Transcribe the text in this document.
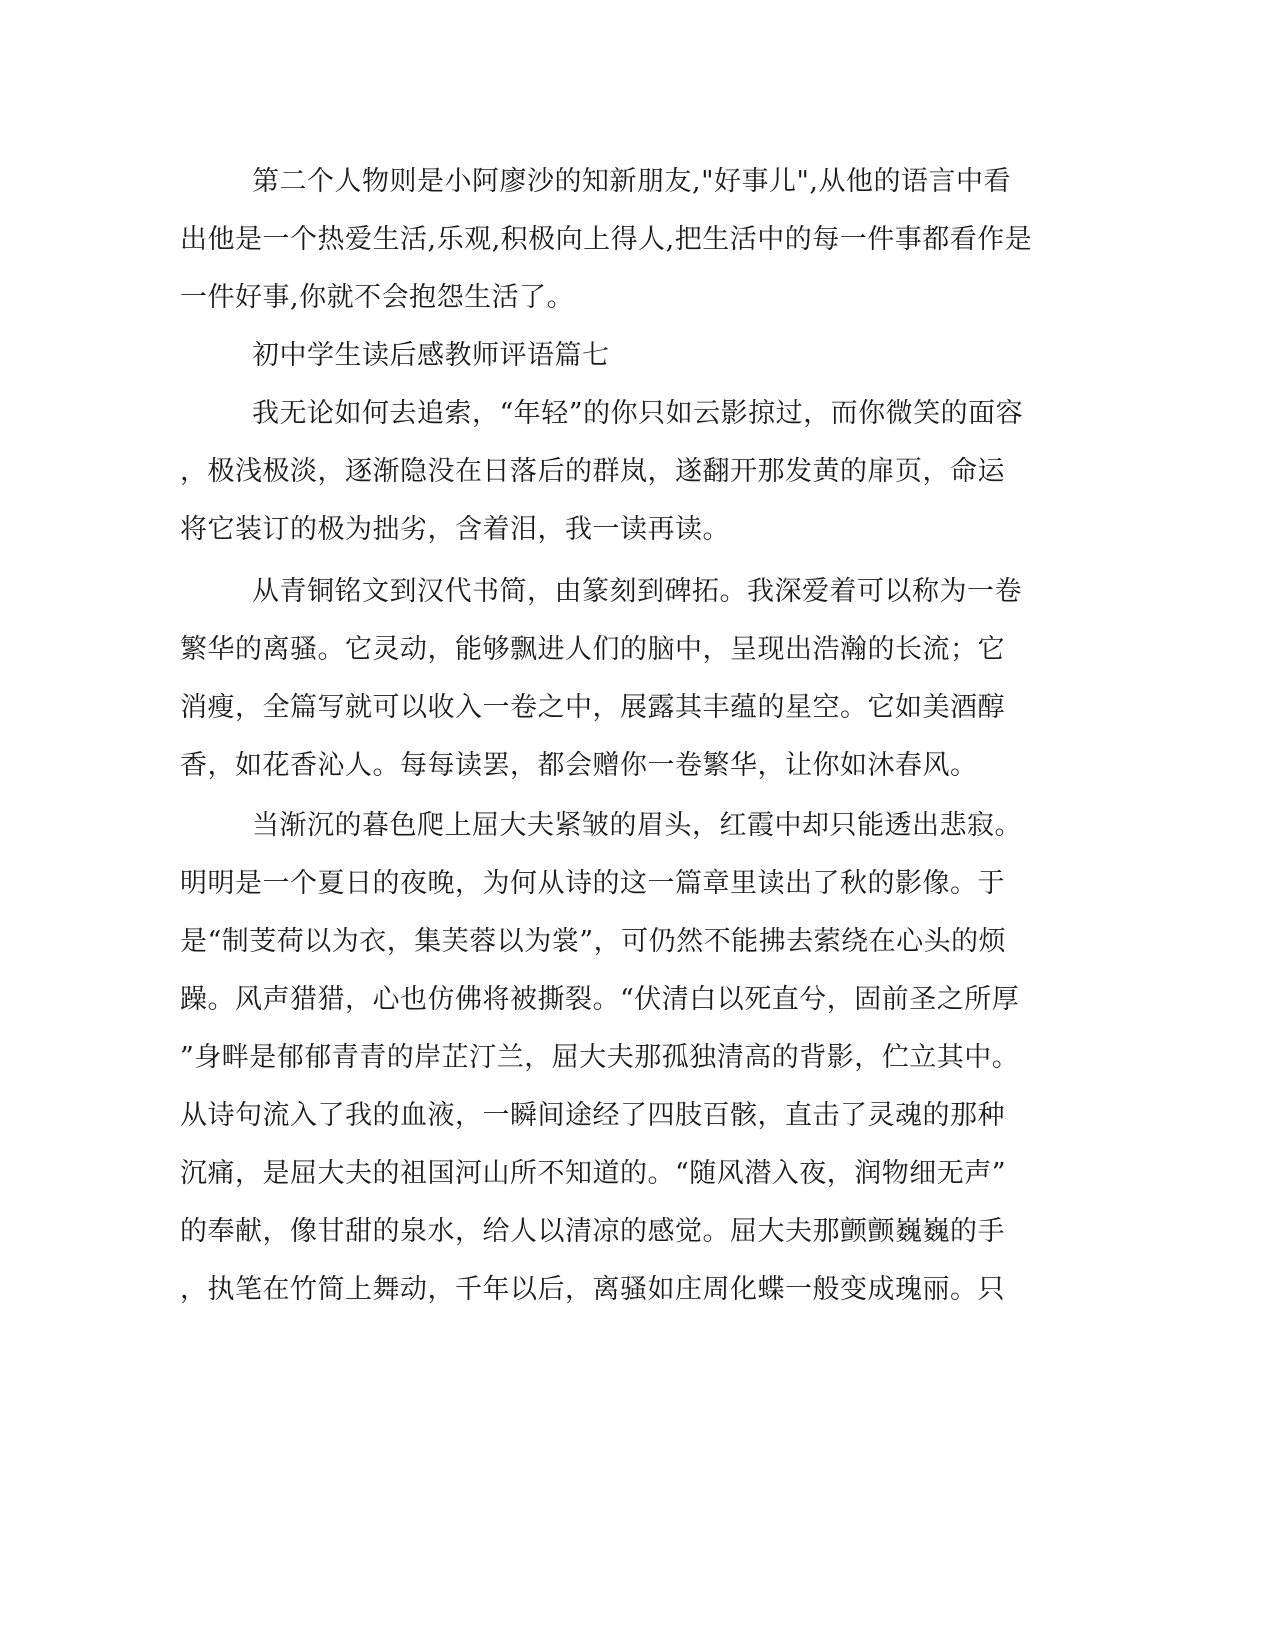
第二个人物则是小阿廖沙的知新朋友,"好事儿",从他的语言中看
出他是一个热爱生活,乐观,积极向上得人,把生活中的每一件事都看作是
一件好事,你就不会抱怨生活了。
初中学生读后感教师评语篇七
我无论如何去追索，“年轻”的你只如云影掠过，而你微笑的面容
，极浅极淡，逐渐隐没在日落后的群岚，遂翻开那发黄的扉页，命运
将它装订的极为拙劣，含着泪，我一读再读。
从青铜铭文到汉代书简，由篆刻到碑拓。我深爱着可以称为一卷
繁华的离骚。它灵动，能够飘进人们的脑中，呈现出浩瀚的长流；它
消瘦，全篇写就可以收入一卷之中，展露其丰蕴的星空。它如美酒醇
香，如花香沁人。每每读罢，都会赠你一卷繁华，让你如沐春风。
当渐沉的暮色爬上屈大夫紧皱的眉头，红霞中却只能透出悲寂。
明明是一个夏日的夜晚，为何从诗的这一篇章里读出了秋的影像。于
是“制芰荷以为衣，集芙蓉以为裳”，可仍然不能拂去萦绕在心头的烦
躁。风声猎猎，心也仿佛将被撕裂。“伏清白以死直兮，固前圣之所厚
”身畔是郁郁青青的岸芷汀兰，屈大夫那孤独清高的背影，伫立其中。
从诗句流入了我的血液，一瞬间途经了四肢百骸，直击了灵魂的那种
沉痛，是屈大夫的祖国河山所不知道的。“随风潜入夜，润物细无声”
的奉献，像甘甜的泉水，给人以清凉的感觉。屈大夫那颤颤巍巍的手
，执笔在竹简上舞动，千年以后，离骚如庄周化蝶一般变成瑰丽。只
